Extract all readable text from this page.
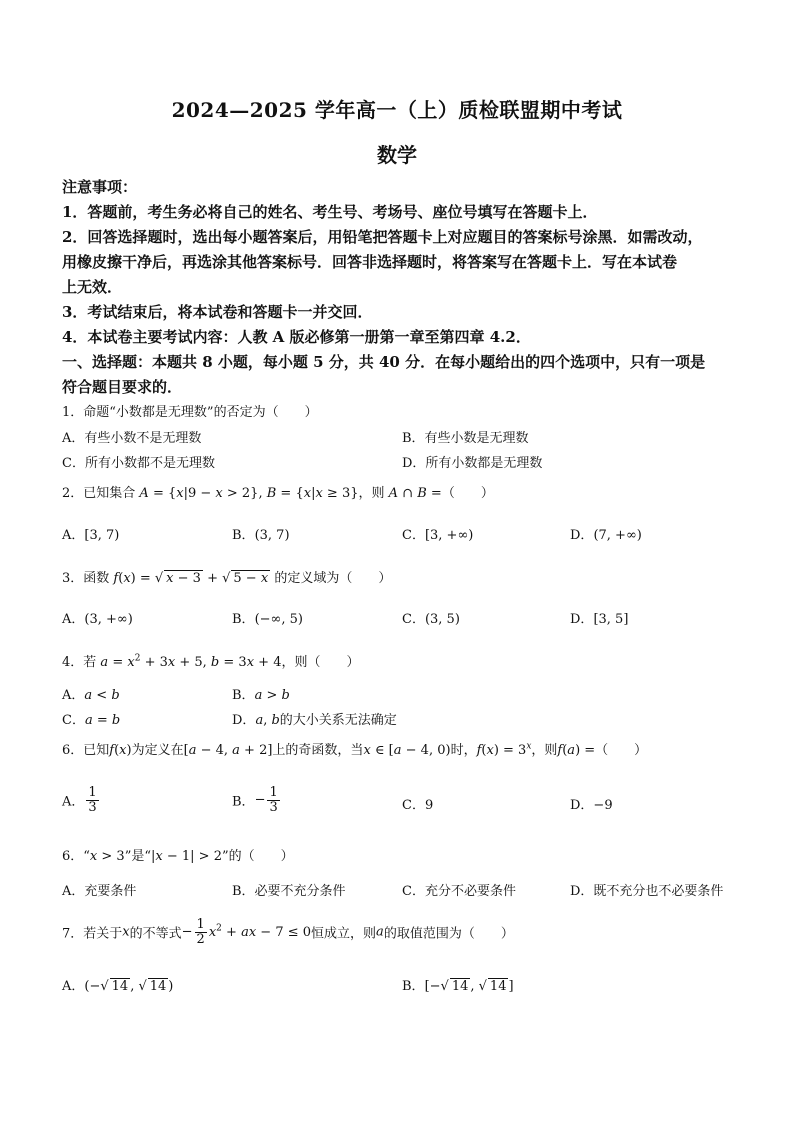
2024—2025 学年高一（上）质检联盟期中考试
数学
注意事项：
1．答题前，考生务必将自己的姓名、考生号、考场号、座位号填写在答题卡上．
2．回答选择题时，选出每小题答案后，用铅笔把答题卡上对应题目的答案标号涂黑．如需改动，
用橡皮擦干净后，再选涂其他答案标号．回答非选择题时，将答案写在答题卡上．写在本试卷
上无效．
3．考试结束后，将本试卷和答题卡一并交回．
4．本试卷主要考试内容：人教 A 版必修第一册第一章至第四章 4.2．
一、选择题：本题共 8 小题，每小题 5 分，共 40 分．在每小题给出的四个选项中，只有一项是
符合题目要求的．
1．命题“小数都是无理数”的否定为（　　）
A．有些小数不是无理数	B．有些小数是无理数
C．所有小数都不是无理数	D．所有小数都是无理数
2．已知集合 A = {x|9 − x > 2}, B = {x|x ≥ 3}，则 A ∩ B =（　　）
A．[3, 7)	B．(3, 7)	C．[3, +∞)	D．(7, +∞)
3．函数 f(x) = √ x − 3 + √ 5 − x 的定义域为（　　）
A．(3, +∞)	B．(−∞, 5)	C．(3, 5)	D．[3, 5]
4．若 $a = x^2 + 3x + 5$, b = 3x + 4，则（　　）
A．a < b	B．a > b
C．a = b	D．a, b的大小关系无法确定
6．已知f(x)为定义在[a − 4, a + 2]上的奇函数，当x ∈ [a − 4, 0)时，$f(x) = 3^x$，则f(a) =（　　）
A． $\frac{1}{3}$	B．− $\frac{1}{3}$	C．9	D．−9
6．“x > 3”是“|x − 1| > 2”的（　　）
A．充要条件	B．必要不充分条件	C．充分不必要条件	D．既不充分也不必要条件
7．若关于x的不等式− $\frac{1}{2} x^2$ + ax − 7 ≤ 0恒成立，则a的取值范围为（　　）
A．(−√ 14 , √ 14 )	B．[−√ 14 , √ 14 ]
